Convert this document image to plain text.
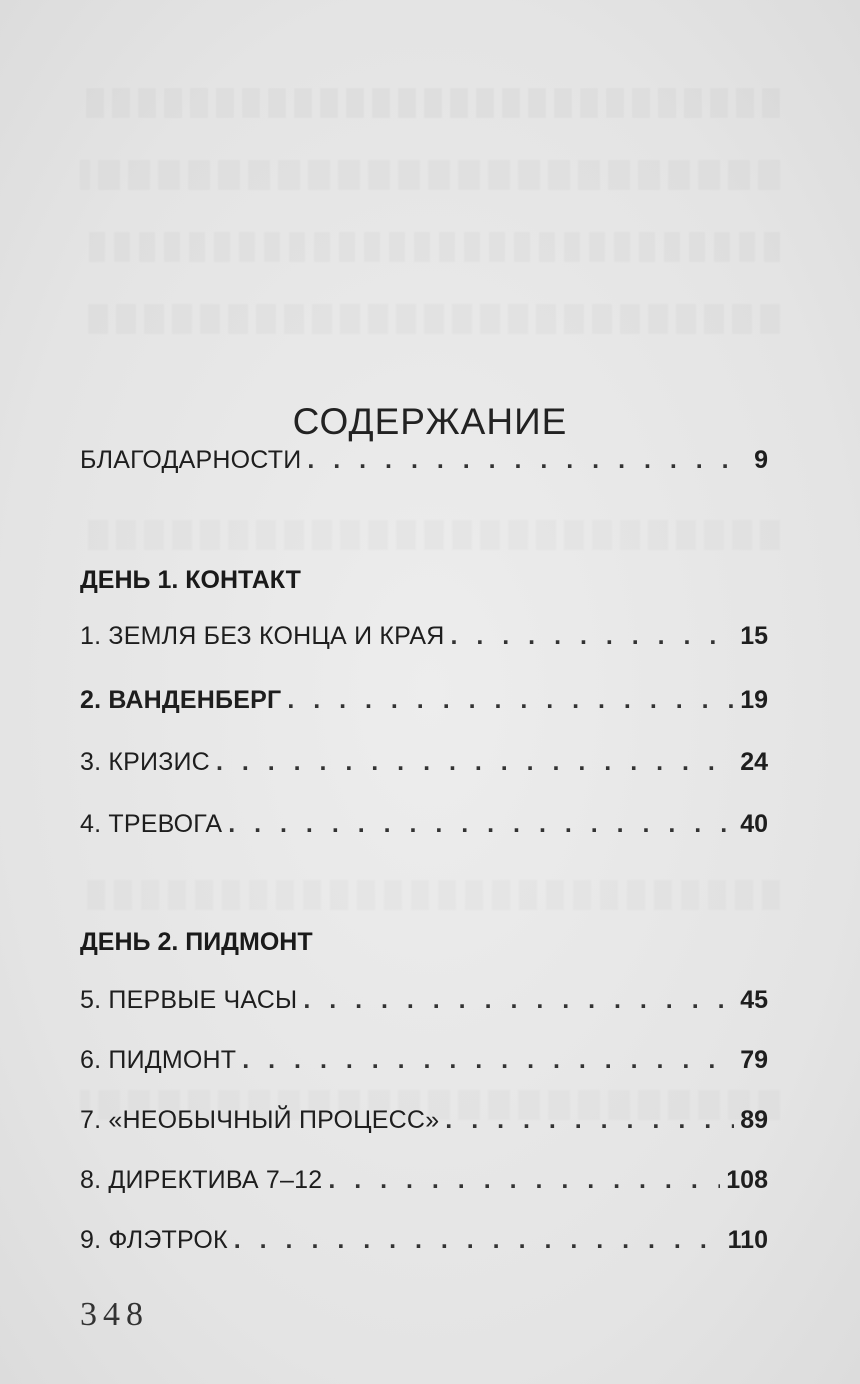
СОДЕРЖАНИЕ
БЛАГОДАРНОСТИ . . .	9
ДЕНЬ 1. КОНТАКТ
1. ЗЕМЛЯ БЕЗ КОНЦА И КРАЯ . . .	15
2. ВАНДЕНБЕРГ . . .	19
3. КРИЗИС . . .	24
4. ТРЕВОГА . . .	40
ДЕНЬ 2. ПИДМОНТ
5. ПЕРВЫЕ ЧАСЫ . . .	45
6. ПИДМОНТ . . .	79
7. «НЕОБЫЧНЫЙ ПРОЦЕСС» . . .	89
8. ДИРЕКТИВА 7–12 . . .	108
9. ФЛЭТРОК . . .	110
348
